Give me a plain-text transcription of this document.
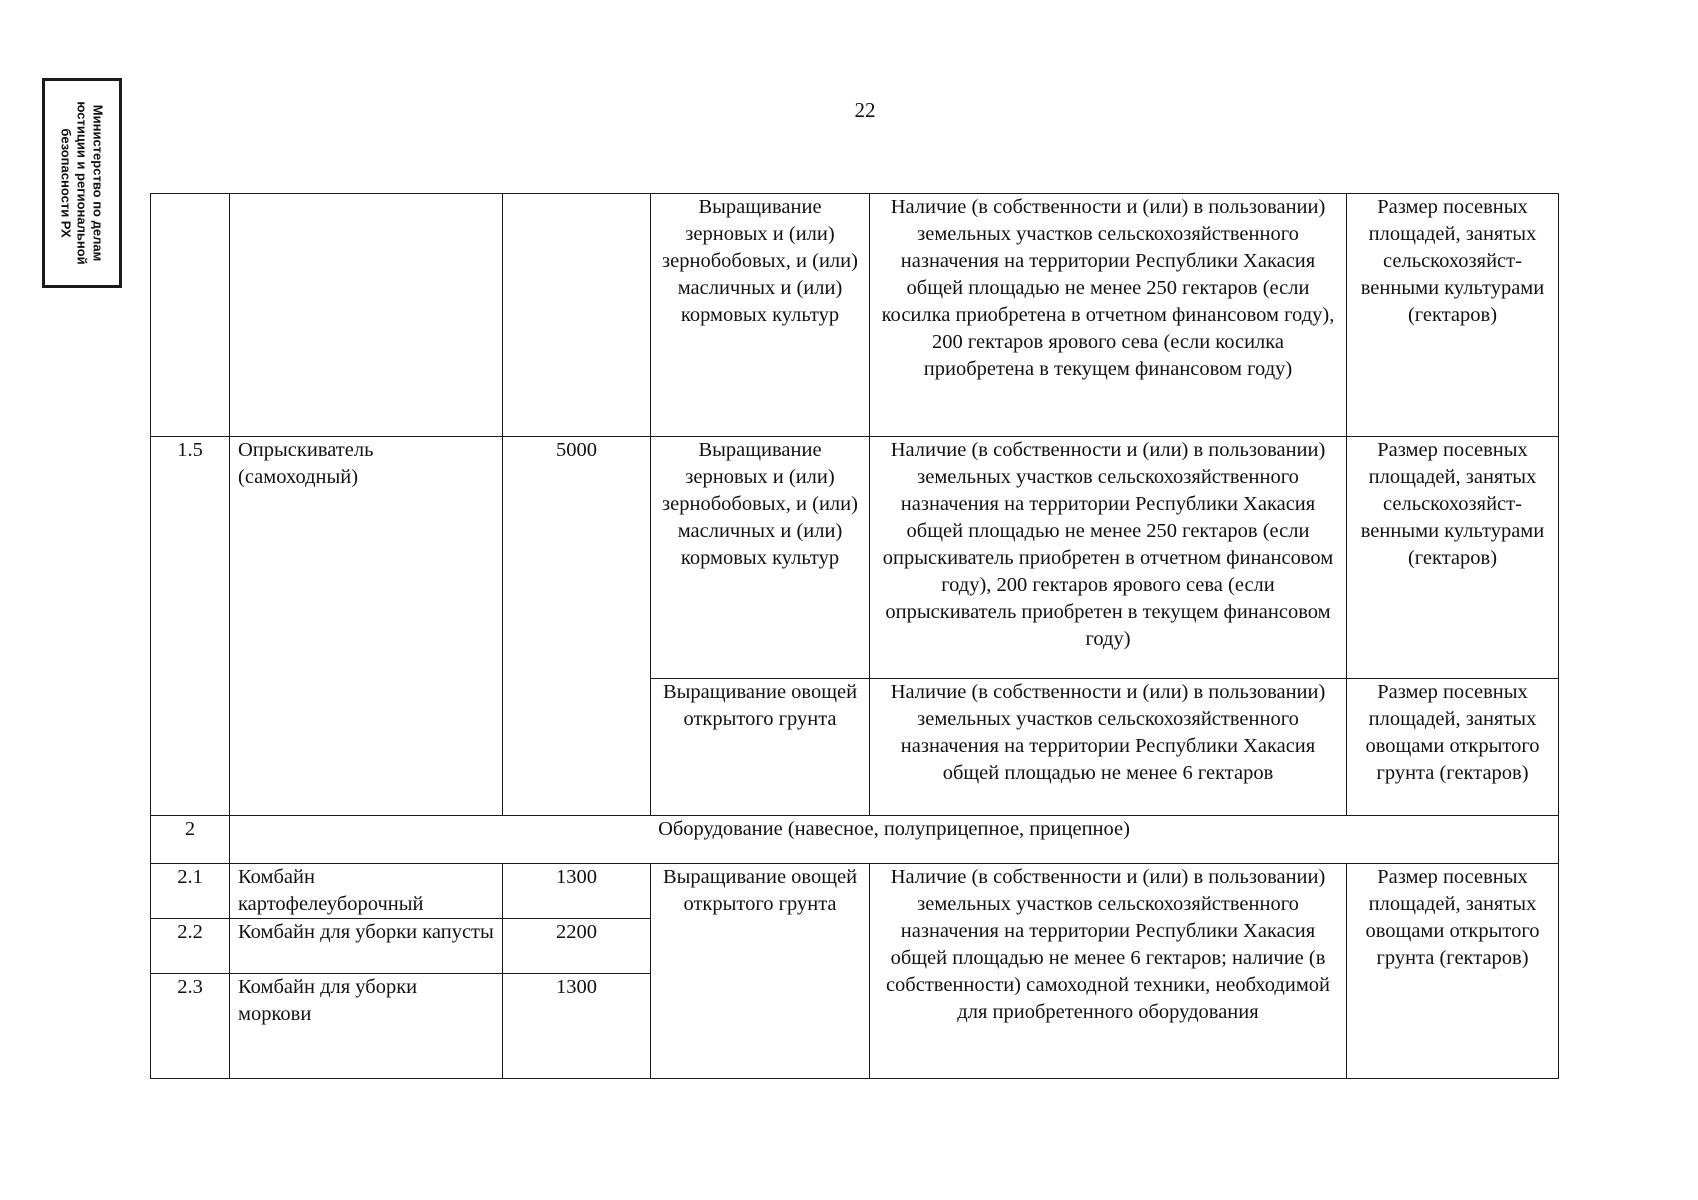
Министерство по делам
юстиции и региональной
безопасности РХ
22
			Выращивание зерновых и (или) зернобобовых, и (или) масличных и (или) кормовых культур	Наличие (в собственности и (или) в пользовании) земельных участков сельскохозяйственного назначения на территории Республики Хакасия общей площадью не менее 250 гектаров (если косилка приобретена в отчетном финансовом году), 200 гектаров ярового сева (если косилка приобретена в текущем финансовом году)	Размер посевных площадей, занятых сельскохозяйст-венными культурами (гектаров)
1.5	Опрыскиватель (самоходный)	5000	Выращивание зерновых и (или) зернобобовых, и (или) масличных и (или) кормовых культур	Наличие (в собственности и (или) в пользовании) земельных участков сельскохозяйственного назначения на территории Республики Хакасия общей площадью не менее 250 гектаров (если опрыскиватель приобретен в отчетном финансовом году), 200 гектаров ярового сева (если опрыскиватель приобретен в текущем финансовом году)	Размер посевных площадей, занятых сельскохозяйст-венными культурами (гектаров)
			Выращивание овощей открытого грунта	Наличие (в собственности и (или) в пользовании) земельных участков сельскохозяйственного назначения на территории Республики Хакасия общей площадью не менее 6 гектаров	Размер посевных площадей, занятых овощами открытого грунта (гектаров)
2	Оборудование (навесное, полуприцепное, прицепное)				
2.1	Комбайн картофелеуборочный	1300	Выращивание овощей открытого грунта	Наличие (в собственности и (или) в пользовании) земельных участков сельскохозяйственного назначения на территории Республики Хакасия общей площадью не менее 6 гектаров; наличие (в собственности) самоходной техники, необходимой для приобретенного оборудования	Размер посевных площадей, занятых овощами открытого грунта (гектаров)
2.2	Комбайн для уборки капусты	2200			
2.3	Комбайн для уборки моркови	1300			
